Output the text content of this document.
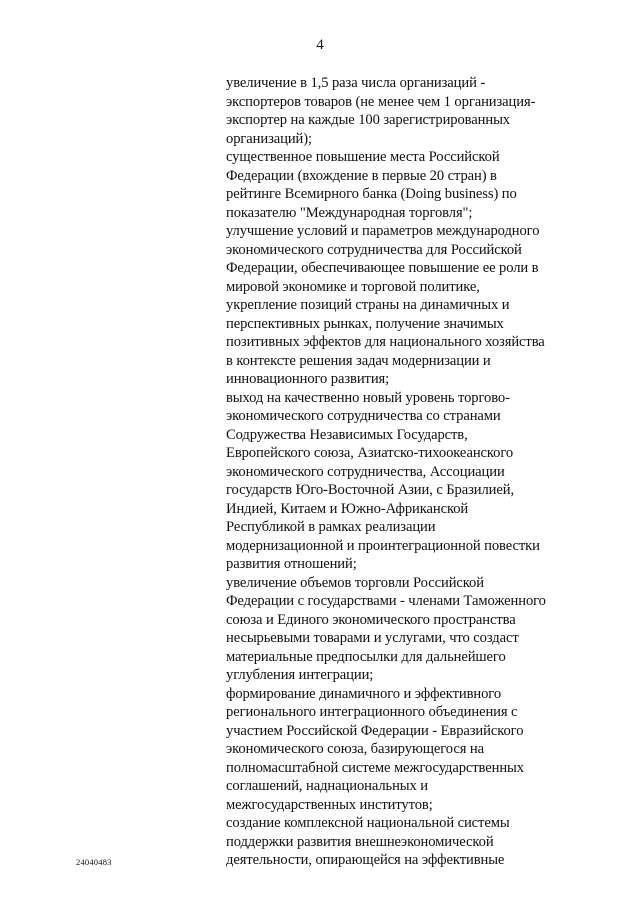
4
увеличение в 1,5 раза числа организаций -
экспортеров товаров (не менее чем 1 организация-
экспортер на каждые 100 зарегистрированных
организаций);
существенное повышение места Российской
Федерации (вхождение в первые 20 стран) в
рейтинге Всемирного банка (Doing business) по
показателю "Международная торговля";
улучшение условий и параметров международного
экономического сотрудничества для Российской
Федерации, обеспечивающее повышение ее роли в
мировой экономике и торговой политике,
укрепление позиций страны на динамичных и
перспективных рынках, получение значимых
позитивных эффектов для национального хозяйства
в контексте решения задач модернизации и
инновационного развития;
выход на качественно новый уровень торгово-
экономического сотрудничества со странами
Содружества Независимых Государств,
Европейского союза, Азиатско-тихоокеанского
экономического сотрудничества, Ассоциации
государств Юго-Восточной Азии, с Бразилией,
Индией, Китаем и Южно-Африканской
Республикой в рамках реализации
модернизационной и проинтеграционной повестки
развития отношений;
увеличение объемов торговли Российской
Федерации с государствами - членами Таможенного
союза и Единого экономического пространства
несырьевыми товарами и услугами, что создаст
материальные предпосылки для дальнейшего
углубления интеграции;
формирование динамичного и эффективного
регионального интеграционного объединения с
участием Российской Федерации - Евразийского
экономического союза, базирующегося на
полномасштабной системе межгосударственных
соглашений, наднациональных и
межгосударственных институтов;
создание комплексной национальной системы
поддержки развития внешнеэкономической
деятельности, опирающейся на эффективные
24040483
